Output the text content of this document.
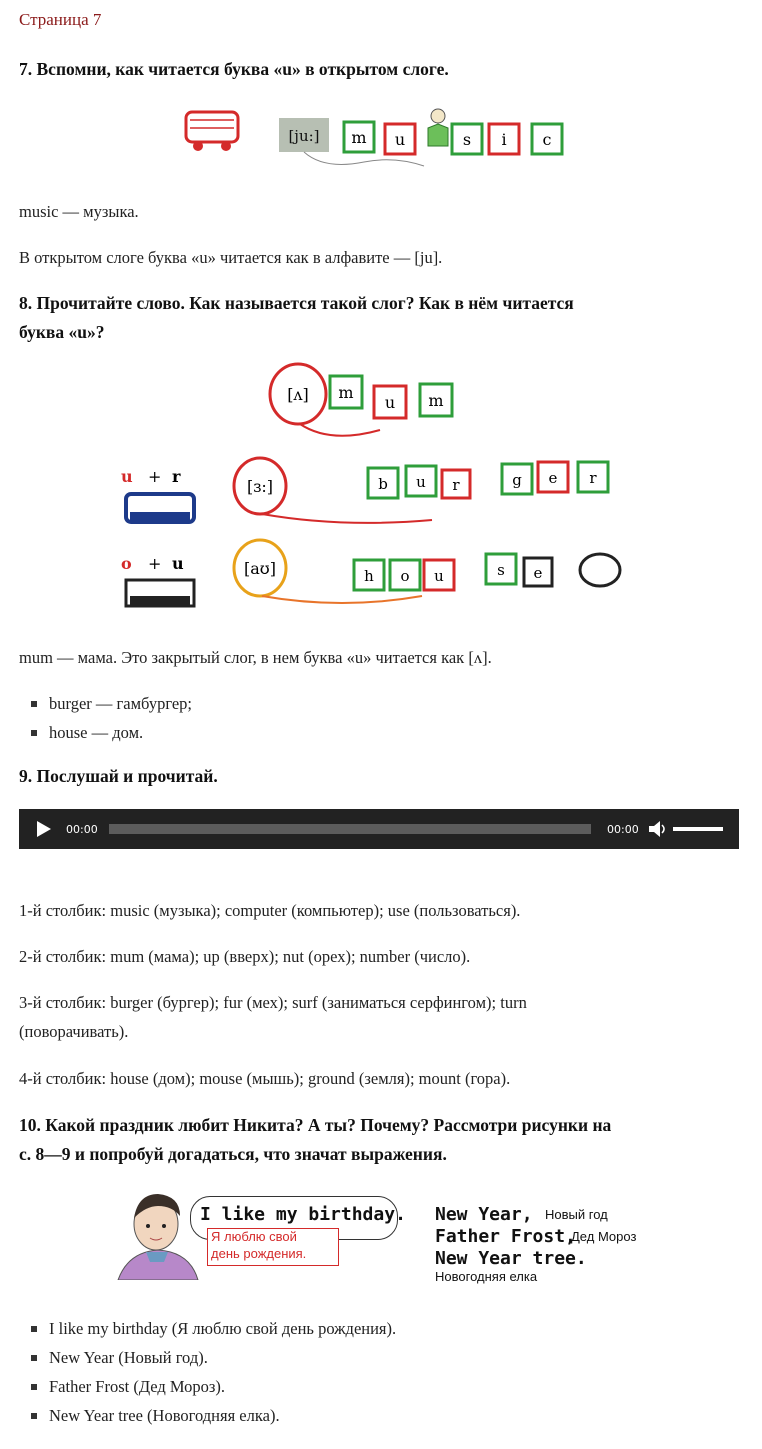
Страница 7
7. Вспомни, как читается буква «u» в открытом слоге.
[ju:] m u	s i c
music — музыка.
В открытом слоге буква «u» читается как в алфавите — [ju].
8. Прочитайте слово. Как называется такой слог? Как в нём читается
буква «u»?
[ʌ] m
u m
u + r
[ɜ:]	b u r	g e r
o + u	[aʊ]	h o u	s e
mum — мама. Это закрытый слог, в нем буква «u» читается как [ʌ].
burger — гамбургер;
house — дом.
9. Послушай и прочитай.
00:00	00:00
1-й столбик: music (музыка); computer (компьютер); use (пользоваться).
2-й столбик: mum (мама); up (вверх); nut (орех); number (число).
3-й столбик: burger (бургер); fur (мех); surf (заниматься серфингом); turn
(поворачивать).
4-й столбик: house (дом); mouse (мышь); ground (земля); mount (гора).
10. Какой праздник любит Никита? А ты? Почему? Рассмотри рисунки на
с. 8—9 и попробуй догадаться, что значат выражения.
I like my birthday.
Я люблю свой
день рождения.
New Year, Новый год
Father Frost,
Дед Мороз
New Year tree.
Новогодняя елка
I like my birthday (Я люблю свой день рождения).
New Year (Новый год).
Father Frost (Дед Мороз).
New Year tree (Новогодняя елка).
